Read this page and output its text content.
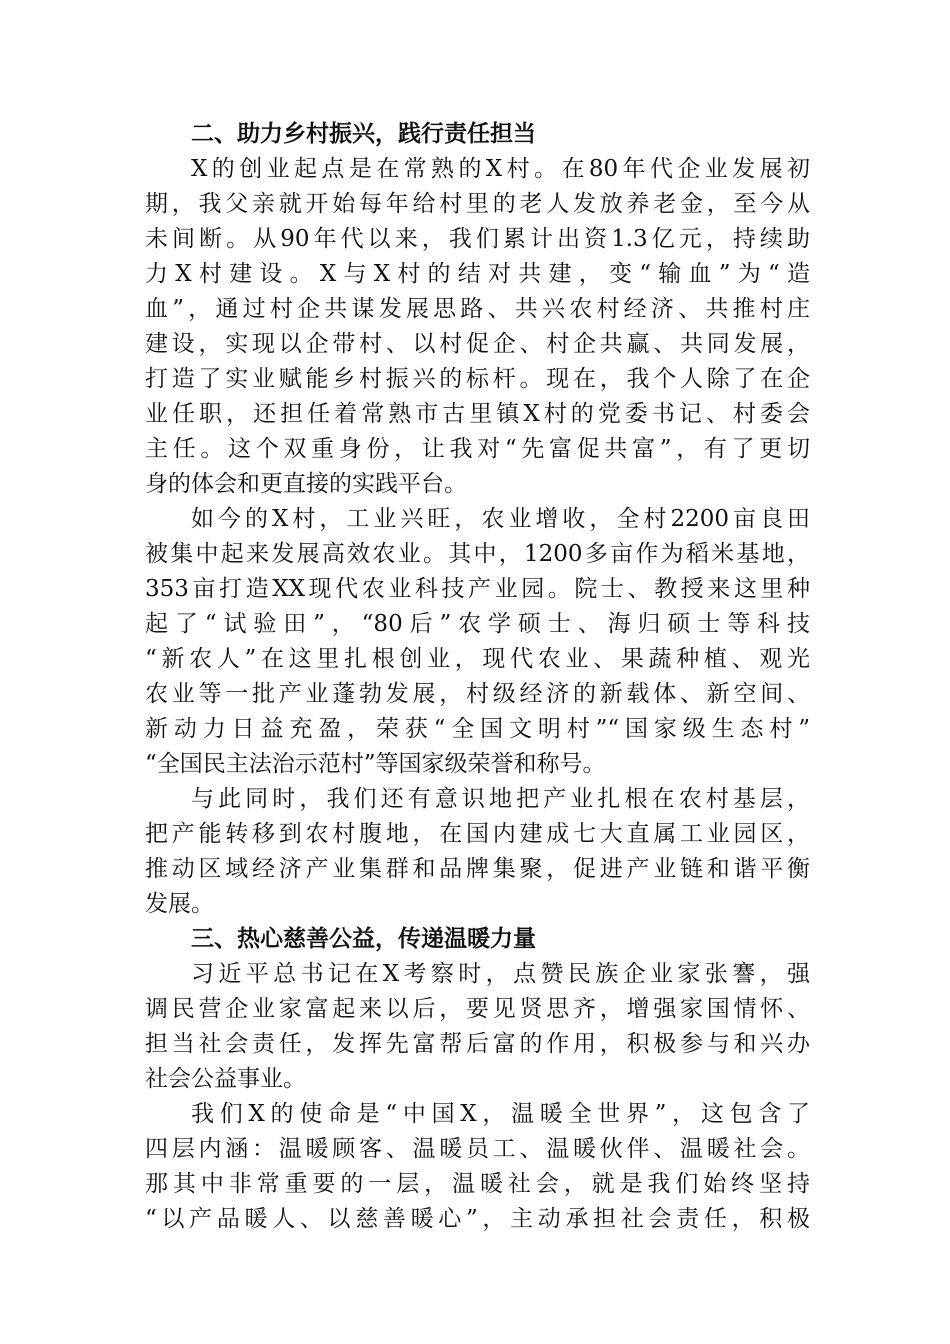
二、助力乡村振兴，践行责任担当
X的创业起点是在常熟的X村。在80年代企业发展初
期，我父亲就开始每年给村里的老人发放养老金，至今从
未间断。从90年代以来，我们累计出资1.3亿元，持续助
力X村建设。X与X村的结对共建，变“输血”为“造
血”，通过村企共谋发展思路、共兴农村经济、共推村庄
建设，实现以企带村、以村促企、村企共赢、共同发展，
打造了实业赋能乡村振兴的标杆。现在，我个人除了在企
业任职，还担任着常熟市古里镇X村的党委书记、村委会
主任。这个双重身份，让我对“先富促共富”，有了更切
身的体会和更直接的实践平台。
如今的X村，工业兴旺，农业增收，全村2200亩良田
被集中起来发展高效农业。其中，1200多亩作为稻米基地，
353亩打造XX现代农业科技产业园。院士、教授来这里种
起了“试验田”，“80后”农学硕士、海归硕士等科技
“新农人”在这里扎根创业，现代农业、果蔬种植、观光
农业等一批产业蓬勃发展，村级经济的新载体、新空间、
新动力日益充盈，荣获“全国文明村”“国家级生态村”
“全国民主法治示范村”等国家级荣誉和称号。
与此同时，我们还有意识地把产业扎根在农村基层，
把产能转移到农村腹地，在国内建成七大直属工业园区，
推动区域经济产业集群和品牌集聚，促进产业链和谐平衡
发展。
三、热心慈善公益，传递温暖力量
习近平总书记在X考察时，点赞民族企业家张謇，强
调民营企业家富起来以后，要见贤思齐，增强家国情怀、
担当社会责任，发挥先富帮后富的作用，积极参与和兴办
社会公益事业。
我们X的使命是“中国X，温暖全世界”，这包含了
四层内涵：温暖顾客、温暖员工、温暖伙伴、温暖社会。
那其中非常重要的一层，温暖社会，就是我们始终坚持
“以产品暖人、以慈善暖心”，主动承担社会责任，积极
